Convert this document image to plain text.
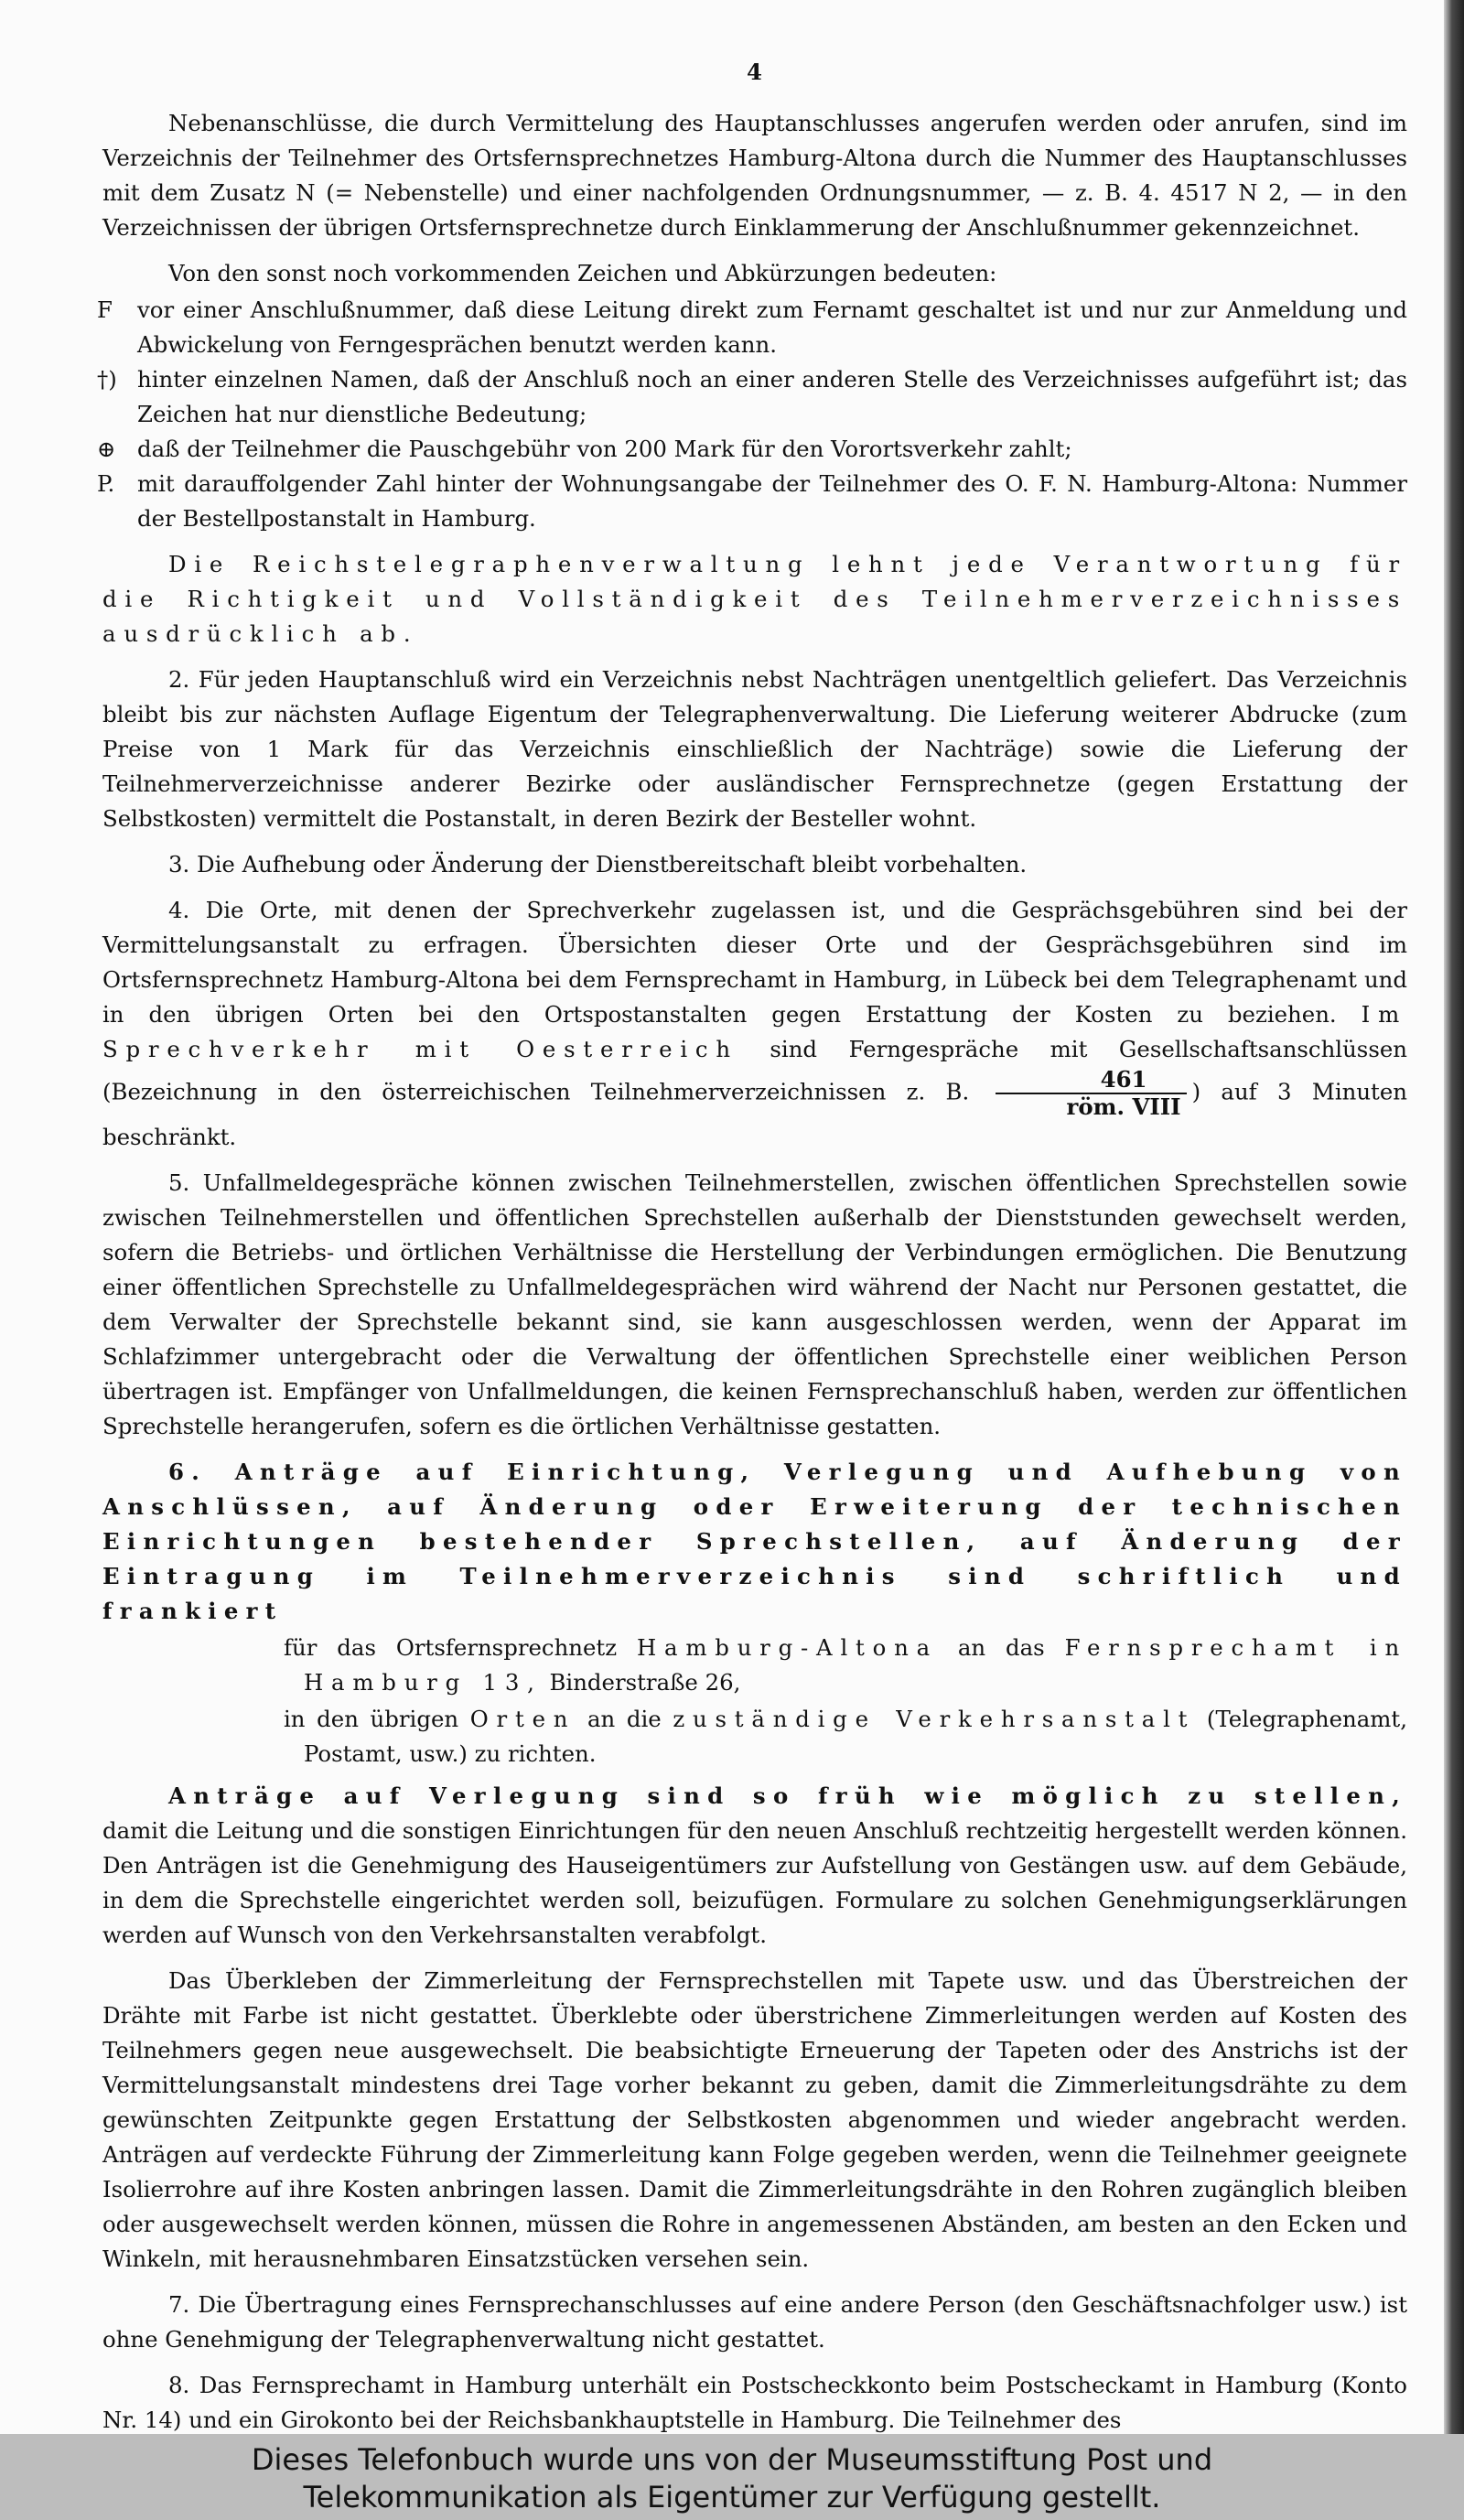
4

Nebenanschlüsse, die durch Vermittelung des Hauptanschlusses angerufen werden oder anrufen, sind im Verzeichnis der Teilnehmer des Ortsfernsprechnetzes Hamburg-Altona durch die Nummer des Hauptanschlusses mit dem Zusatz N (= Nebenstelle) und einer nachfolgenden Ordnungsnummer, — z. B. 4. 4517 N 2, — in den Verzeichnissen der übrigen Ortsfernsprechnetze durch Einklammerung der Anschlußnummer gekennzeichnet.

Von den sonst noch vorkommenden Zeichen und Abkürzungen bedeuten:

F	vor einer Anschlußnummer, daß diese Leitung direkt zum Fernamt geschaltet ist und nur zur Anmeldung und Abwickelung von Ferngesprächen benutzt werden kann.
†) hinter einzelnen Namen, daß der Anschluß noch an einer anderen Stelle des Verzeichnisses aufgeführt ist; das Zeichen hat nur dienstliche Bedeutung;
⊕ daß der Teilnehmer die Pauschgebühr von 200 Mark für den Vorortsverkehr zahlt;
P.	mit darauffolgender Zahl hinter der Wohnungsangabe der Teilnehmer des O. F. N. Hamburg-Altona: Nummer der Bestellpostanstalt in Hamburg.

Die Reichstelegraphenverwaltung lehnt jede Verantwortung für die Richtigkeit und Vollständigkeit des Teilnehmerverzeichnisses ausdrücklich ab.

2. Für jeden Hauptanschluß wird ein Verzeichnis nebst Nachträgen unentgeltlich geliefert. Das Verzeichnis bleibt bis zur nächsten Auflage Eigentum der Telegraphenverwaltung. Die Lieferung weiterer Abdrucke (zum Preise von 1 Mark für das Verzeichnis einschließlich der Nachträge) sowie die Lieferung der Teilnehmerverzeichnisse anderer Bezirke oder ausländischer Fernsprechnetze (gegen Erstattung der Selbstkosten) vermittelt die Postanstalt, in deren Bezirk der Besteller wohnt.

3. Die Aufhebung oder Änderung der Dienstbereitschaft bleibt vorbehalten.

4. Die Orte, mit denen der Sprechverkehr zugelassen ist, und die Gesprächsgebühren sind bei der Vermittelungsanstalt zu erfragen. Übersichten dieser Orte und der Gesprächsgebühren sind im Ortsfernsprechnetz Hamburg-Altona bei dem Fernsprechamt in Hamburg, in Lübeck bei dem Telegraphenamt und in den übrigen Orten bei den Ortspostanstalten gegen Erstattung der Kosten zu beziehen. Im Sprechverkehr mit Oesterreich sind Ferngespräche mit Gesellschaftsanschlüssen (Bezeichnung in den österreichischen Teilnehmerverzeichnissen z. B. $\frac{461}{\text{röm. VIII}}$ ) auf 3 Minuten beschränkt.

5. Unfallmeldegespräche können zwischen Teilnehmerstellen, zwischen öffentlichen Sprechstellen sowie zwischen Teilnehmerstellen und öffentlichen Sprechstellen außerhalb der Dienststunden gewechselt werden, sofern die Betriebs- und örtlichen Verhältnisse die Herstellung der Verbindungen ermöglichen. Die Benutzung einer öffentlichen Sprechstelle zu Unfallmeldegesprächen wird während der Nacht nur Personen gestattet, die dem Verwalter der Sprechstelle bekannt sind, sie kann ausgeschlossen werden, wenn der Apparat im Schlafzimmer untergebracht oder die Verwaltung der öffentlichen Sprechstelle einer weiblichen Person übertragen ist. Empfänger von Unfallmeldungen, die keinen Fernsprechanschluß haben, werden zur öffentlichen Sprechstelle herangerufen, sofern es die örtlichen Verhältnisse gestatten.

6. Anträge auf Einrichtung, Verlegung und Aufhebung von Anschlüssen, auf Änderung oder Erweiterung der technischen Einrichtungen bestehender Sprechstellen, auf Änderung der Eintragung im Teilnehmerverzeichnis sind schriftlich und frankiert

für das Ortsfernsprechnetz Hamburg-Altona an das Fernsprechamt in Hamburg 13, Binderstraße 26,

in den übrigen Orten an die zuständige Verkehrsanstalt (Telegraphenamt, Postamt, usw.) zu richten.

Anträge auf Verlegung sind so früh wie möglich zu stellen, damit die Leitung und die sonstigen Einrichtungen für den neuen Anschluß rechtzeitig hergestellt werden können. Den Anträgen ist die Genehmigung des Hauseigentümers zur Aufstellung von Gestängen usw. auf dem Gebäude, in dem die Sprechstelle eingerichtet werden soll, beizufügen. Formulare zu solchen Genehmigungserklärungen werden auf Wunsch von den Verkehrsanstalten verabfolgt.

Das Überkleben der Zimmerleitung der Fernsprechstellen mit Tapete usw. und das Überstreichen der Drähte mit Farbe ist nicht gestattet. Überklebte oder überstrichene Zimmerleitungen werden auf Kosten des Teilnehmers gegen neue ausgewechselt. Die beabsichtigte Erneuerung der Tapeten oder des Anstrichs ist der Vermittelungsanstalt mindestens drei Tage vorher bekannt zu geben, damit die Zimmerleitungsdrähte zu dem gewünschten Zeitpunkte gegen Erstattung der Selbstkosten abgenommen und wieder angebracht werden. Anträgen auf verdeckte Führung der Zimmerleitung kann Folge gegeben werden, wenn die Teilnehmer geeignete Isolierrohre auf ihre Kosten anbringen lassen. Damit die Zimmerleitungsdrähte in den Rohren zugänglich bleiben oder ausgewechselt werden können, müssen die Rohre in angemessenen Abständen, am besten an den Ecken und Winkeln, mit herausnehmbaren Einsatzstücken versehen sein.

7. Die Übertragung eines Fernsprechanschlusses auf eine andere Person (den Geschäftsnachfolger usw.) ist ohne Genehmigung der Telegraphenverwaltung nicht gestattet.

8. Das Fernsprechamt in Hamburg unterhält ein Postscheckkonto beim Postscheckamt in Hamburg (Konto Nr. 14) und ein Girokonto bei der Reichsbankhauptstelle in Hamburg. Die Teilnehmer des

Dieses Telefonbuch wurde uns von der Museumsstiftung Post und
Telekommunikation als Eigentümer zur Verfügung gestellt.
